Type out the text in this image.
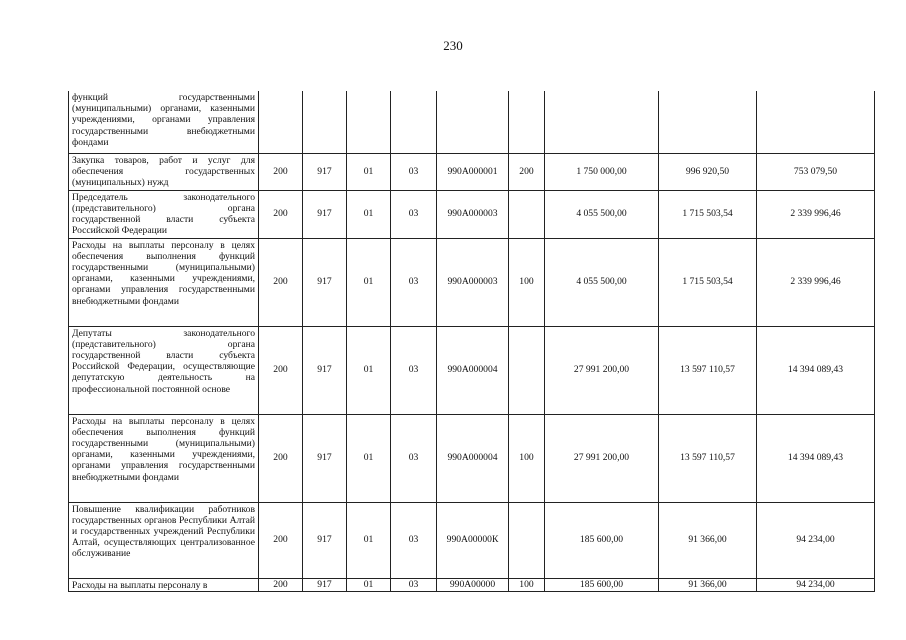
230
функций государственными (муниципальными) органами, казенными учреждениями, органами управления государственными внебюджетными фондами									
Закупка товаров, работ и услуг для обеспечения государственных (муниципальных) нужд	200	917	01	03	990А000001	200	1 750 000,00	996 920,50	753 079,50
Председатель законодательного (представительного) органа государственной власти субъекта Российской Федерации	200	917	01	03	990А000003		4 055 500,00	1 715 503,54	2 339 996,46
Расходы на выплаты персоналу в целях обеспечения выполнения функций государственными (муниципальными) органами, казенными учреждениями, органами управления государственными внебюджетными фондами	200	917	01	03	990А000003	100	4 055 500,00	1 715 503,54	2 339 996,46
Депутаты законодательного (представительного) органа государственной власти субъекта Российской Федерации, осуществляющие депутатскую деятельность на профессиональной постоянной основе	200	917	01	03	990А000004		27 991 200,00	13 597 110,57	14 394 089,43
Расходы на выплаты персоналу в целях обеспечения выполнения функций государственными (муниципальными) органами, казенными учреждениями, органами управления государственными внебюджетными фондами	200	917	01	03	990А000004	100	27 991 200,00	13 597 110,57	14 394 089,43
Повышение квалификации работников государственных органов Республики Алтай и государственных учреждений Республики Алтай, осуществляющих централизованное обслуживание	200	917	01	03	990А00000К		185 600,00	91 366,00	94 234,00
Расходы на выплаты персоналу в	200	917	01	03	990А00000	100	185 600,00	91 366,00	94 234,00
